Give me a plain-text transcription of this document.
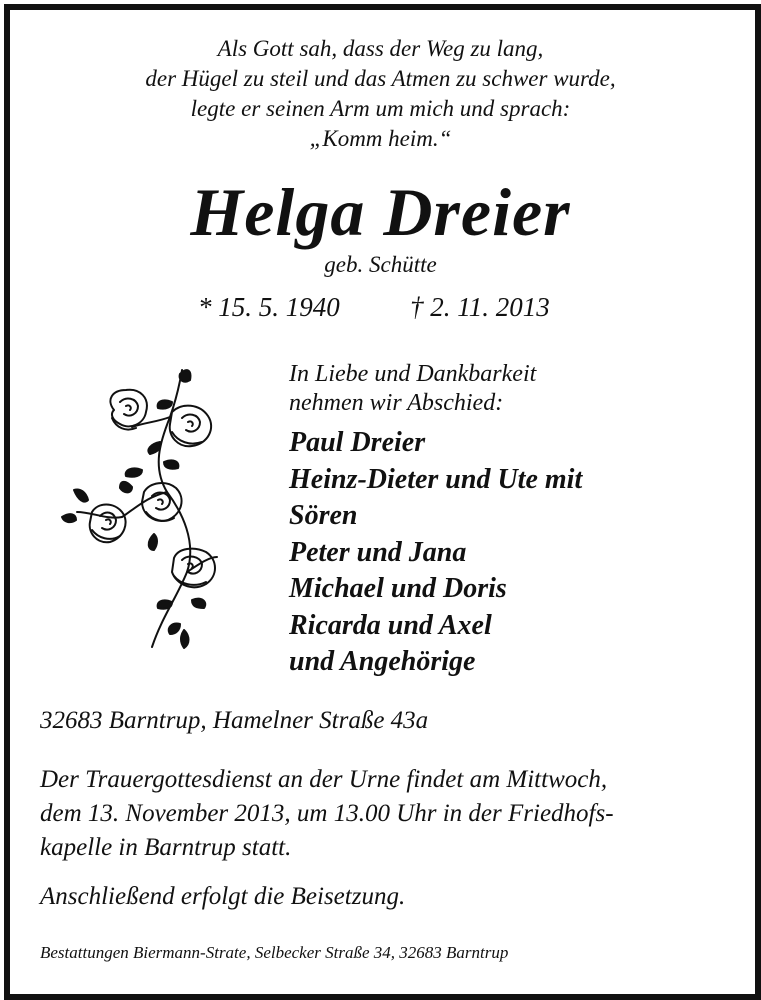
Als Gott sah, dass der Weg zu lang,
der Hügel zu steil und das Atmen zu schwer wurde,
legte er seinen Arm um mich und sprach:
„Komm heim.“
Helga Dreier
geb. Schütte
* 15. 5. 1940	† 2. 11. 2013
In Liebe und Dankbarkeit
nehmen wir Abschied:
Paul Dreier
Heinz-Dieter und Ute mit
Sören
Peter und Jana
Michael und Doris
Ricarda und Axel
und Angehörige
32683 Barntrup, Hamelner Straße 43a
Der Trauergottesdienst an der Urne findet am Mittwoch,
dem 13. November 2013, um 13.00 Uhr in der Friedhofs-
kapelle in Barntrup statt.
Anschließend erfolgt die Beisetzung.
Bestattungen Biermann-Strate, Selbecker Straße 34, 32683 Barntrup
